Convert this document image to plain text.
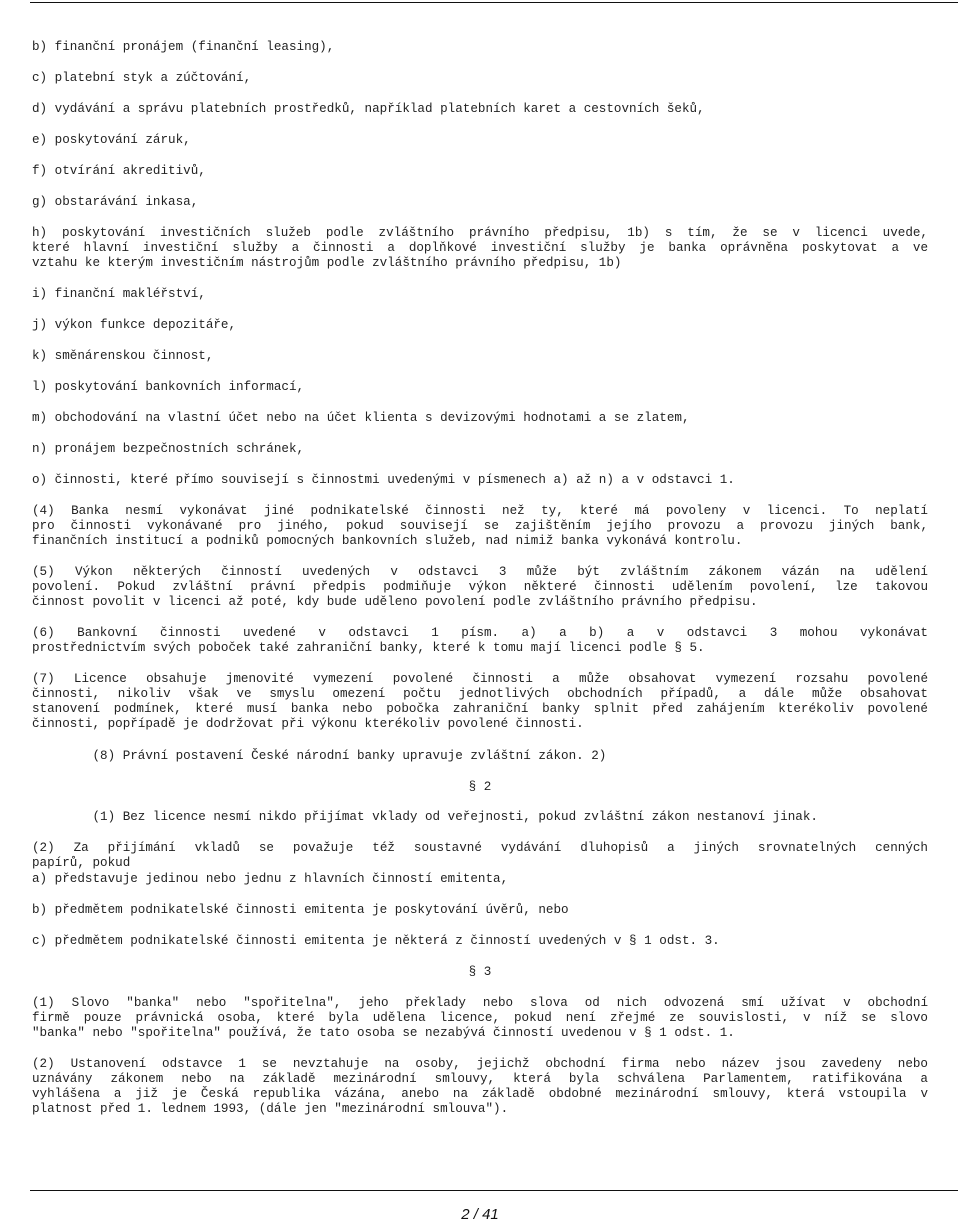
b) finanční pronájem (finanční leasing),

c) platební styk a zúčtování,

d) vydávání a správu platebních prostředků, například platebních karet a cestovních šeků,

e) poskytování záruk,

f) otvírání akreditivů,

g) obstarávání inkasa,

h) poskytování investičních služeb podle zvláštního právního předpisu, 1b) s tím, že se v licenci uvede,

které hlavní investiční služby a činnosti a doplňkové investiční služby je banka oprávněna poskytovat a ve

vztahu ke kterým investičním nástrojům podle zvláštního právního předpisu, 1b)

i) finanční makléřství,

j) výkon funkce depozitáře,

k) směnárenskou činnost,

l) poskytování bankovních informací,

m) obchodování na vlastní účet nebo na účet klienta s devizovými hodnotami a se zlatem,

n) pronájem bezpečnostních schránek,

o) činnosti, které přímo souvisejí s činnostmi uvedenými v písmenech a) až n) a v odstavci 1.

(4) Banka nesmí vykonávat jiné podnikatelské činnosti než ty, které má povoleny v licenci. To neplatí

pro činnosti vykonávané pro jiného, pokud souvisejí se zajištěním jejího provozu a provozu jiných bank,

finančních institucí a podniků pomocných bankovních služeb, nad nimiž banka vykonává kontrolu.

(5) Výkon některých činností uvedených v odstavci 3 může být zvláštním zákonem vázán na udělení

povolení. Pokud zvláštní právní předpis podmiňuje výkon některé činnosti udělením povolení, lze takovou

činnost povolit v licenci až poté, kdy bude uděleno povolení podle zvláštního právního předpisu.

(6) Bankovní činnosti uvedené v odstavci 1 písm. a) a b) a v odstavci 3 mohou vykonávat

prostřednictvím svých poboček také zahraniční banky, které k tomu mají licenci podle § 5.

(7) Licence obsahuje jmenovité vymezení povolené činnosti a může obsahovat vymezení rozsahu povolené

činnosti, nikoliv však ve smyslu omezení počtu jednotlivých obchodních případů, a dále může obsahovat

stanovení podmínek, které musí banka nebo pobočka zahraniční banky splnit před zahájením kterékoliv povolené

činnosti, popřípadě je dodržovat při výkonu kterékoliv povolené činnosti.

(8) Právní postavení České národní banky upravuje zvláštní zákon. 2)

§ 2

(1) Bez licence nesmí nikdo přijímat vklady od veřejnosti, pokud zvláštní zákon nestanoví jinak.

(2) Za přijímání vkladů se považuje též soustavné vydávání dluhopisů a jiných srovnatelných cenných

papírů, pokud

a) představuje jedinou nebo jednu z hlavních činností emitenta,

b) předmětem podnikatelské činnosti emitenta je poskytování úvěrů, nebo

c) předmětem podnikatelské činnosti emitenta je některá z činností uvedených v § 1 odst. 3.

§ 3

(1) Slovo "banka" nebo "spořitelna", jeho překlady nebo slova od nich odvozená smí užívat v obchodní

firmě pouze právnická osoba, které byla udělena licence, pokud není zřejmé ze souvislosti, v níž se slovo

"banka" nebo "spořitelna" používá, že tato osoba se nezabývá činností uvedenou v § 1 odst. 1.

(2) Ustanovení odstavce 1 se nevztahuje na osoby, jejichž obchodní firma nebo název jsou zavedeny nebo

uznávány zákonem nebo na základě mezinárodní smlouvy, která byla schválena Parlamentem, ratifikována a

vyhlášena a již je Česká republika vázána, anebo na základě obdobné mezinárodní smlouvy, která vstoupila v

platnost před 1. lednem 1993, (dále jen "mezinárodní smlouva").

2 / 41
